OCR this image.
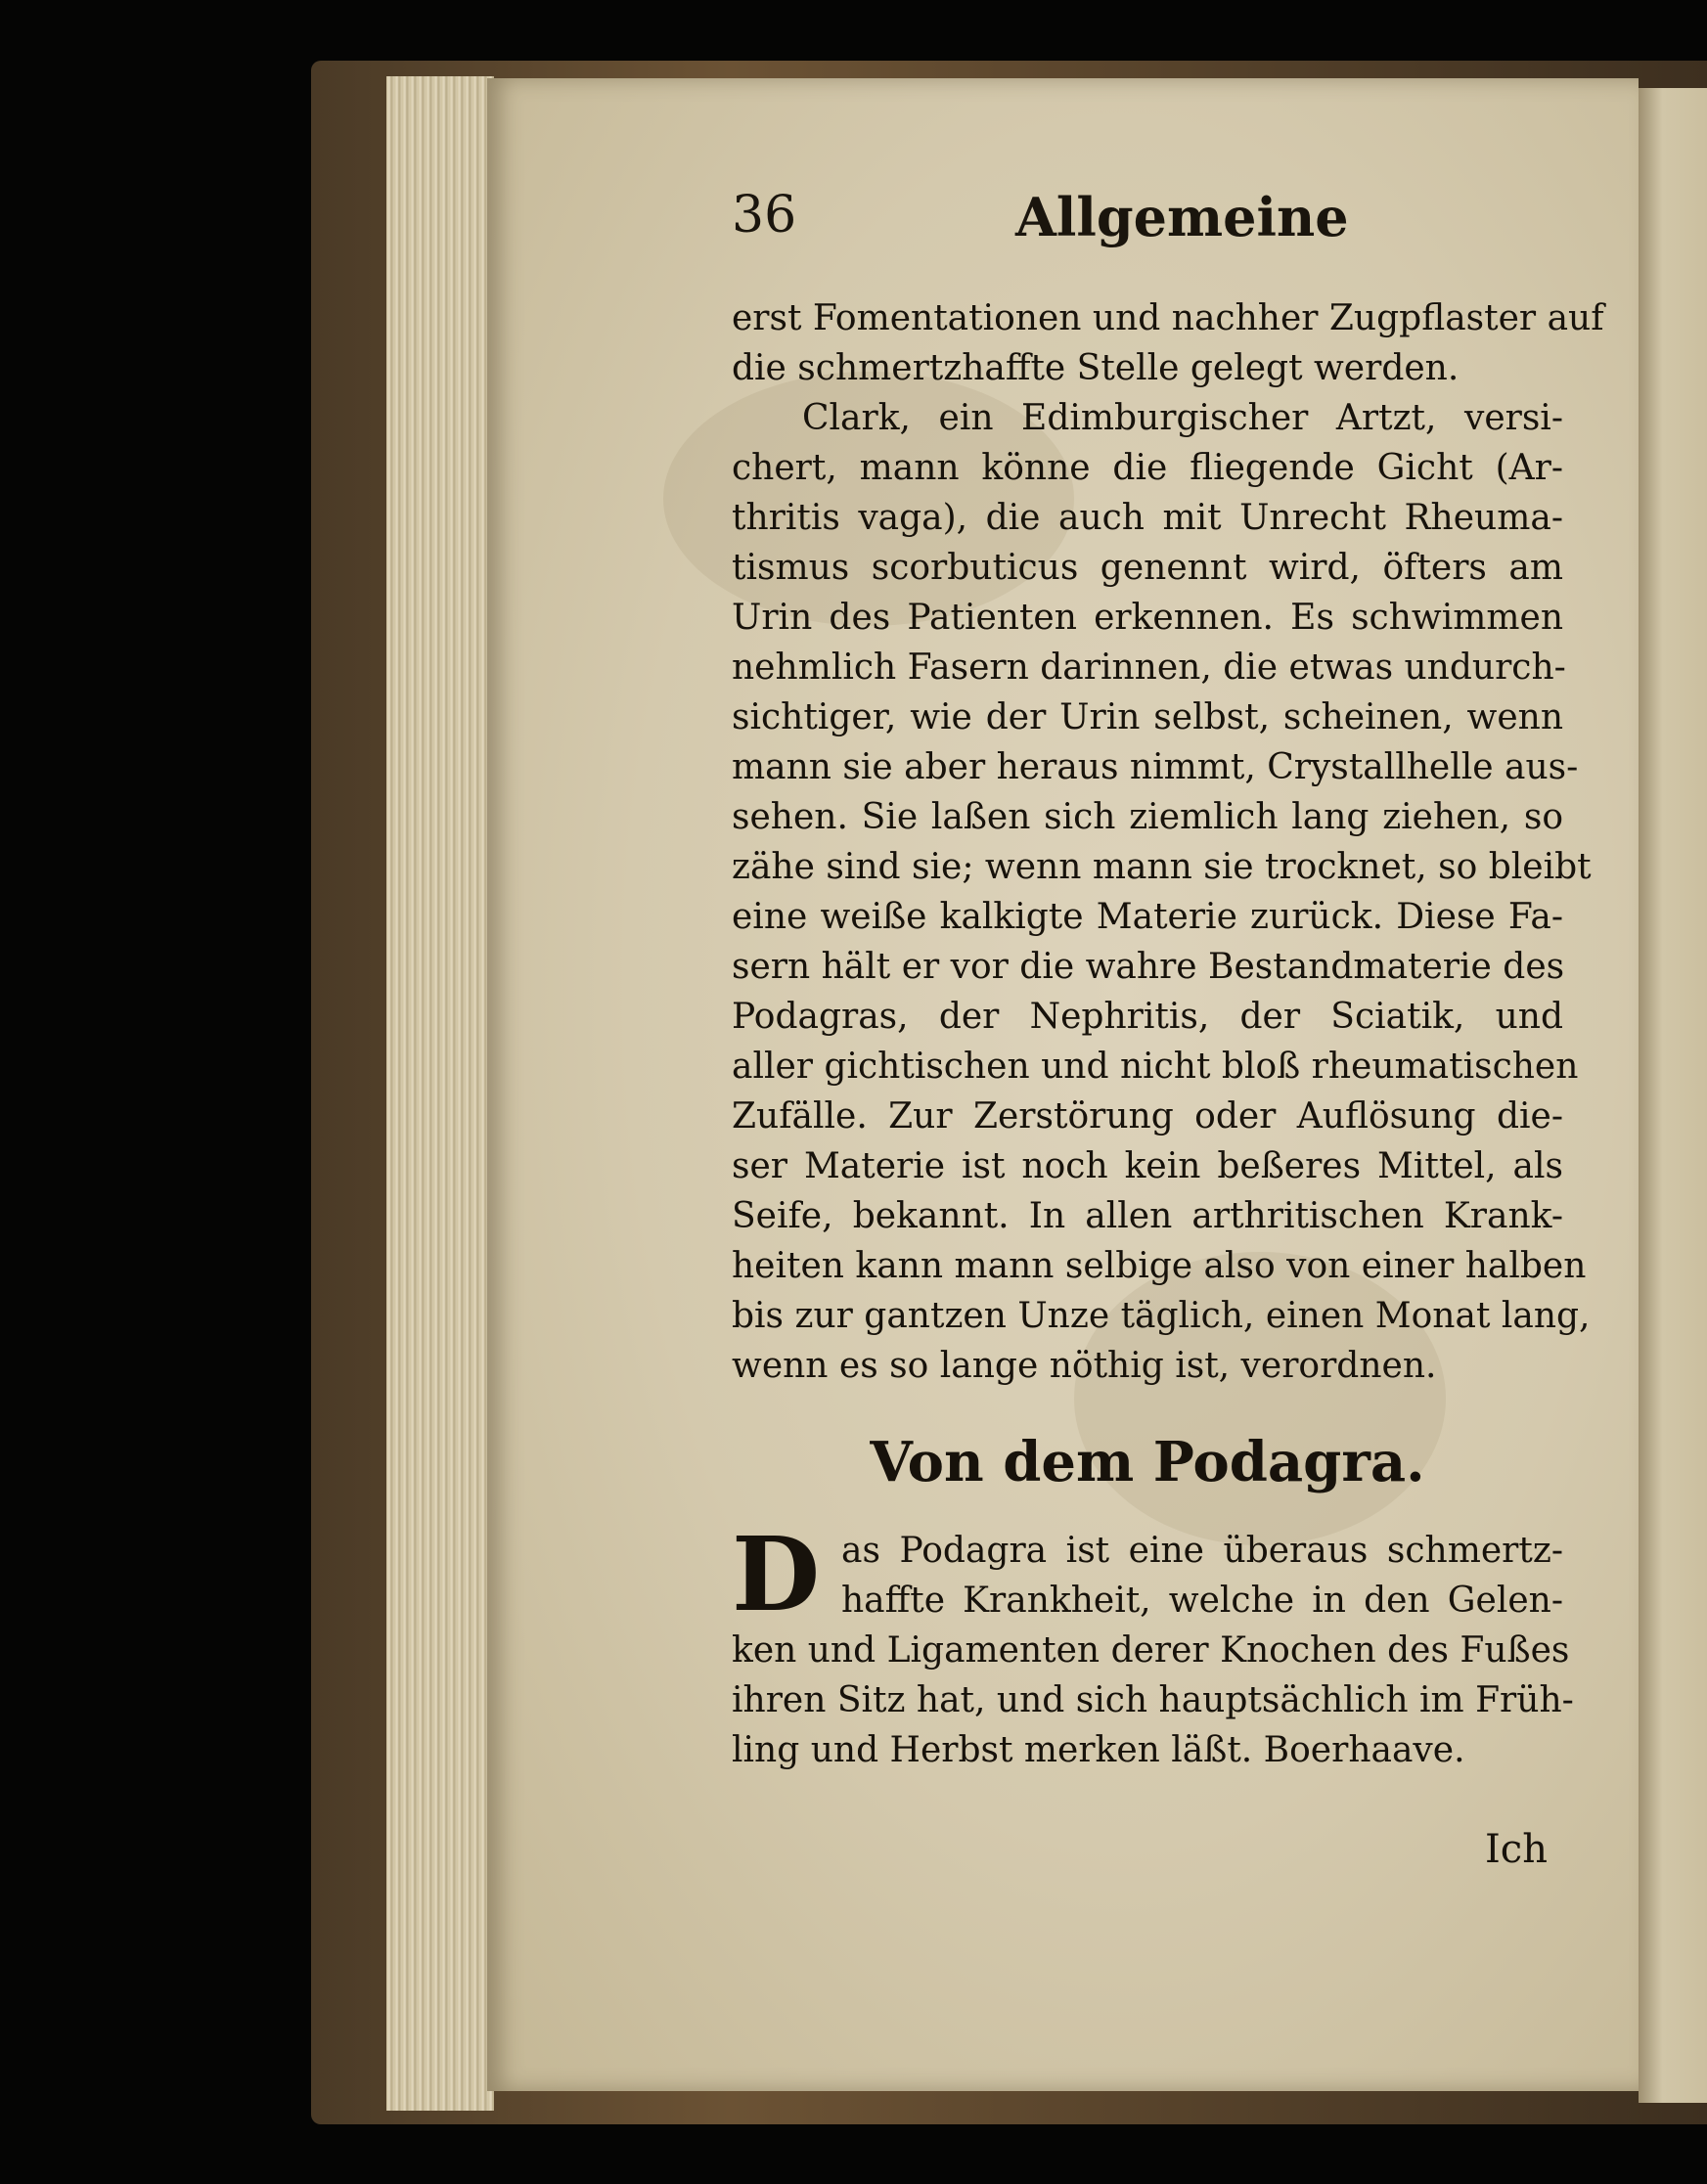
36	Allgemeine
erst Fomentationen und nachher Zugpflaster auf
die schmertzhaffte Stelle gelegt werden.
Clark, ein Edimburgischer Artzt, versi-
chert, mann könne die fliegende Gicht (Ar-
thritis vaga), die auch mit Unrecht Rheuma-
tismus scorbuticus genennt wird, öfters am
Urin des Patienten erkennen. Es schwimmen
nehmlich Fasern darinnen, die etwas undurch-
sichtiger, wie der Urin selbst, scheinen, wenn
mann sie aber heraus nimmt, Crystallhelle aus-
sehen. Sie laßen sich ziemlich lang ziehen, so
zähe sind sie; wenn mann sie trocknet, so bleibt
eine weiße kalkigte Materie zurück. Diese Fa-
sern hält er vor die wahre Bestandmaterie des
Podagras, der Nephritis, der Sciatik, und
aller gichtischen und nicht bloß rheumatischen
Zufälle. Zur Zerstörung oder Auflösung die-
ser Materie ist noch kein beßeres Mittel, als
Seife, bekannt. In allen arthritischen Krank-
heiten kann mann selbige also von einer halben
bis zur gantzen Unze täglich, einen Monat lang,
wenn es so lange nöthig ist, verordnen.
Von dem Podagra.
D as Podagra ist eine überaus schmertz-
haffte Krankheit, welche in den Gelen-
ken und Ligamenten derer Knochen des Fußes
ihren Sitz hat, und sich hauptsächlich im Früh-
ling und Herbst merken läßt. Boerhaave.
Ich
